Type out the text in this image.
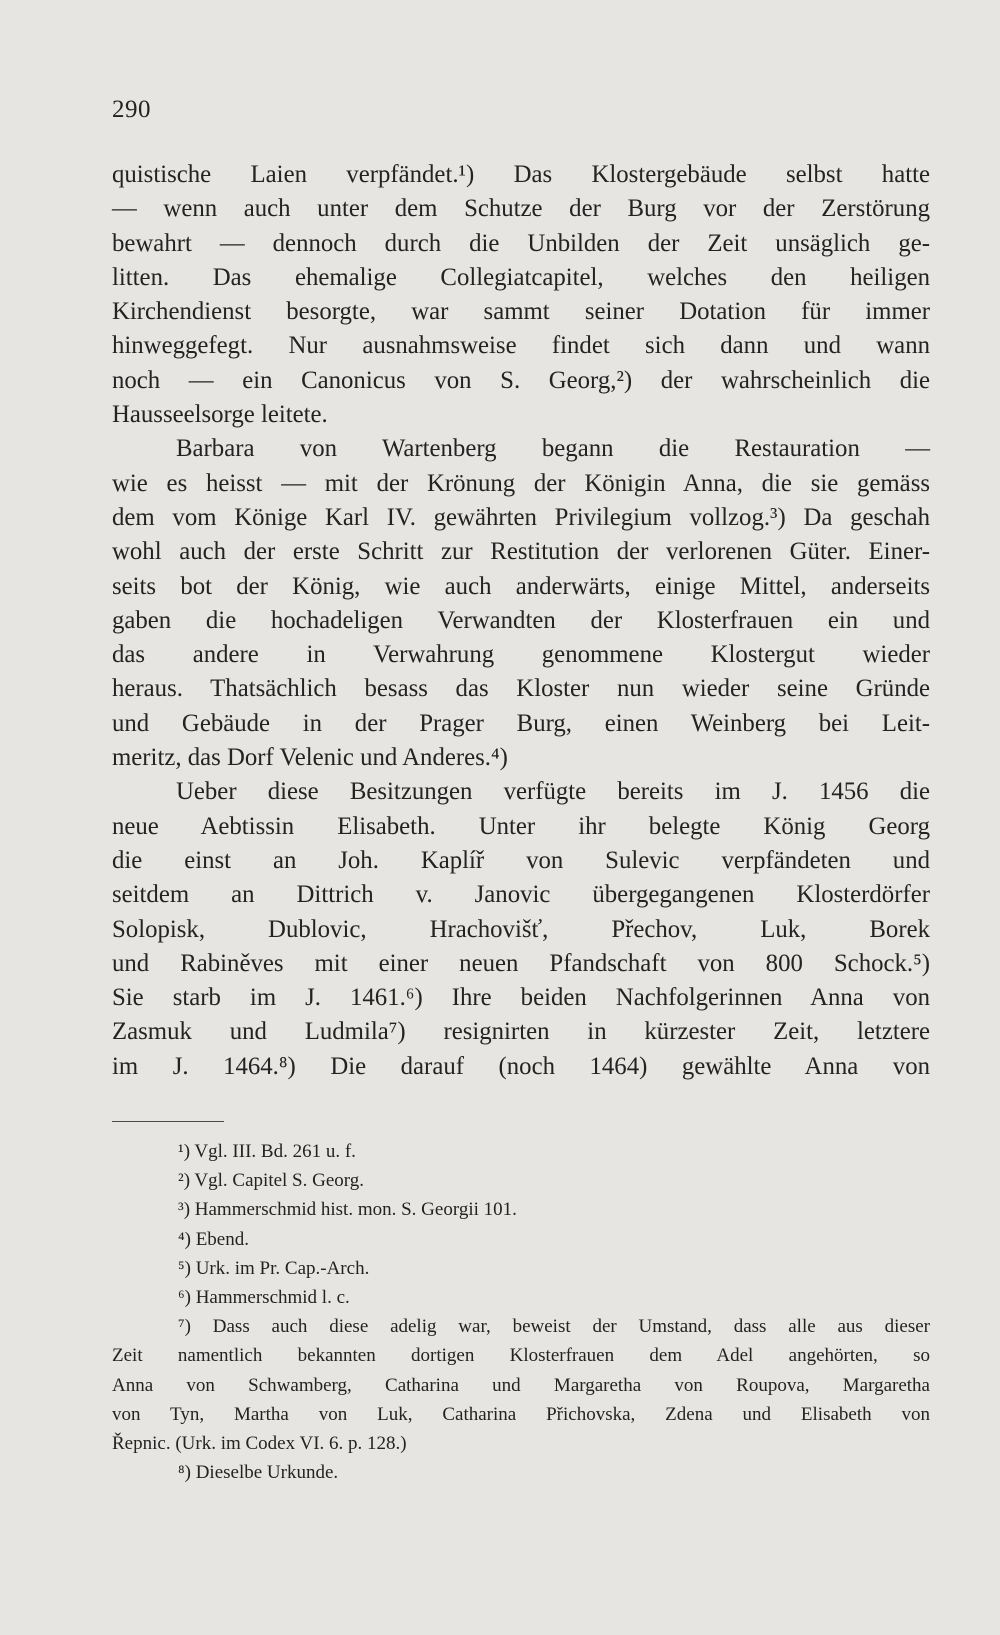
290
quistische Laien verpfändet.¹) Das Klostergebäude selbst hatte
— wenn auch unter dem Schutze der Burg vor der Zerstörung
bewahrt — dennoch durch die Unbilden der Zeit unsäglich ge-
litten. Das ehemalige Collegiatcapitel, welches den heiligen
Kirchendienst besorgte, war sammt seiner Dotation für immer
hinweggefegt. Nur ausnahmsweise findet sich dann und wann
noch — ein Canonicus von S. Georg,²) der wahrscheinlich die
Hausseelsorge leitete.
Barbara von Wartenberg begann die Restauration —
wie es heisst — mit der Krönung der Königin Anna, die sie gemäss
dem vom Könige Karl IV. gewährten Privilegium vollzog.³) Da geschah
wohl auch der erste Schritt zur Restitution der verlorenen Güter. Einer-
seits bot der König, wie auch anderwärts, einige Mittel, anderseits
gaben die hochadeligen Verwandten der Klosterfrauen ein und
das andere in Verwahrung genommene Klostergut wieder
heraus. Thatsächlich besass das Kloster nun wieder seine Gründe
und Gebäude in der Prager Burg, einen Weinberg bei Leit-
meritz, das Dorf Velenic und Anderes.⁴)
Ueber diese Besitzungen verfügte bereits im J. 1456 die
neue Aebtissin Elisabeth. Unter ihr belegte König Georg
die einst an Joh. Kaplíř von Sulevic verpfändeten und
seitdem an Dittrich v. Janovic übergegangenen Klosterdörfer
Solopisk, Dublovic, Hrachovišť, Přechov, Luk, Borek
und Rabiněves mit einer neuen Pfandschaft von 800 Schock.⁵)
Sie starb im J. 1461.⁶) Ihre beiden Nachfolgerinnen Anna von
Zasmuk und Ludmila⁷) resignirten in kürzester Zeit, letztere
im J. 1464.⁸) Die darauf (noch 1464) gewählte Anna von
¹) Vgl. III. Bd. 261 u. f.
²) Vgl. Capitel S. Georg.
³) Hammerschmid hist. mon. S. Georgii 101.
⁴) Ebend.
⁵) Urk. im Pr. Cap.-Arch.
⁶) Hammerschmid l. c.
⁷) Dass auch diese adelig war, beweist der Umstand, dass alle aus dieser
Zeit namentlich bekannten dortigen Klosterfrauen dem Adel angehörten, so
Anna von Schwamberg, Catharina und Margaretha von Roupova, Margaretha
von Tyn, Martha von Luk, Catharina Přichovska, Zdena und Elisabeth von
Řepnic. (Urk. im Codex VI. 6. p. 128.)
⁸) Dieselbe Urkunde.
